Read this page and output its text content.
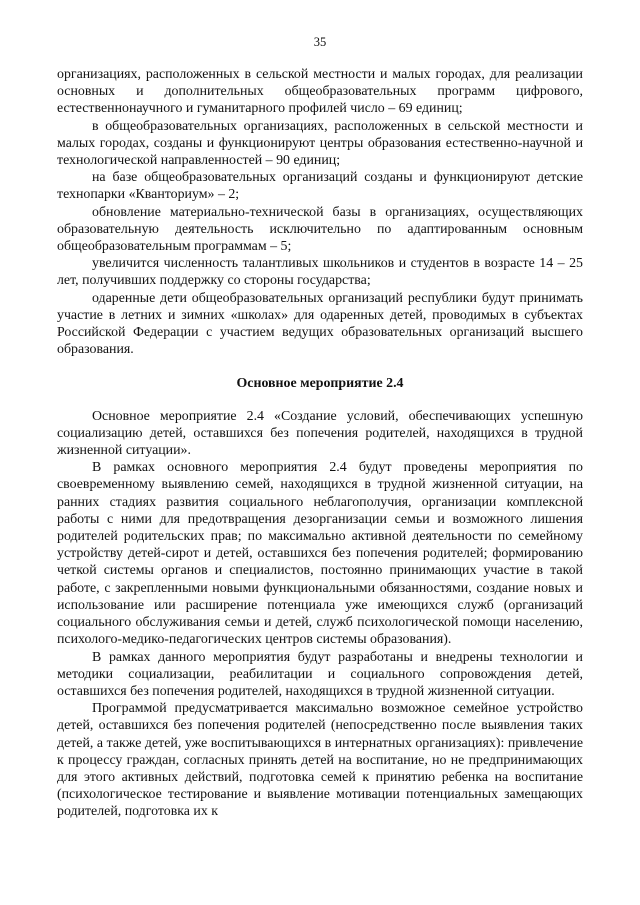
35

организациях, расположенных в сельской местности и малых городах, для реализации основных и дополнительных общеобразовательных программ цифрового, естественнонаучного и гуманитарного профилей число – 69 единиц;

в общеобразовательных организациях, расположенных в сельской местности и малых городах, созданы и функционируют центры образования естественно-научной и технологической направленностей – 90 единиц;

на базе общеобразовательных организаций созданы и функционируют детские технопарки «Кванториум» – 2;

обновление материально-технической базы в организациях, осуществляющих образовательную деятельность исключительно по адаптированным основным общеобразовательным программам – 5;

увеличится численность талантливых школьников и студентов в возрасте 14 – 25 лет, получивших поддержку со стороны государства;

одаренные дети общеобразовательных организаций республики будут принимать участие в летних и зимних «школах» для одаренных детей, проводимых в субъектах Российской Федерации с участием ведущих образовательных организаций высшего образования.

Основное мероприятие 2.4

Основное мероприятие 2.4 «Создание условий, обеспечивающих успешную социализацию детей, оставшихся без попечения родителей, находящихся в трудной жизненной ситуации».

В рамках основного мероприятия 2.4 будут проведены мероприятия по своевременному выявлению семей, находящихся в трудной жизненной ситуации, на ранних стадиях развития социального неблагополучия, организации комплексной работы с ними для предотвращения дезорганизации семьи и возможного лишения родителей родительских прав; по максимально активной деятельности по семейному устройству детей-сирот и детей, оставшихся без попечения родителей; формированию четкой системы органов и специалистов, постоянно принимающих участие в такой работе, с закрепленными новыми функциональными обязанностями, создание новых и использование или расширение потенциала уже имеющихся служб (организаций социального обслуживания семьи и детей, служб психологической помощи населению, психолого-медико-педагогических центров системы образования).

В рамках данного мероприятия будут разработаны и внедрены технологии и методики социализации, реабилитации и социального сопровождения детей, оставшихся без попечения родителей, находящихся в трудной жизненной ситуации.

Программой предусматривается максимально возможное семейное устройство детей, оставшихся без попечения родителей (непосредственно после выявления таких детей, а также детей, уже воспитывающихся в интернатных организациях): привлечение к процессу граждан, согласных принять детей на воспитание, но не предпринимающих для этого активных действий, подготовка семей к принятию ребенка на воспитание (психологическое тестирование и выявление мотивации потенциальных замещающих родителей, подготовка их к
